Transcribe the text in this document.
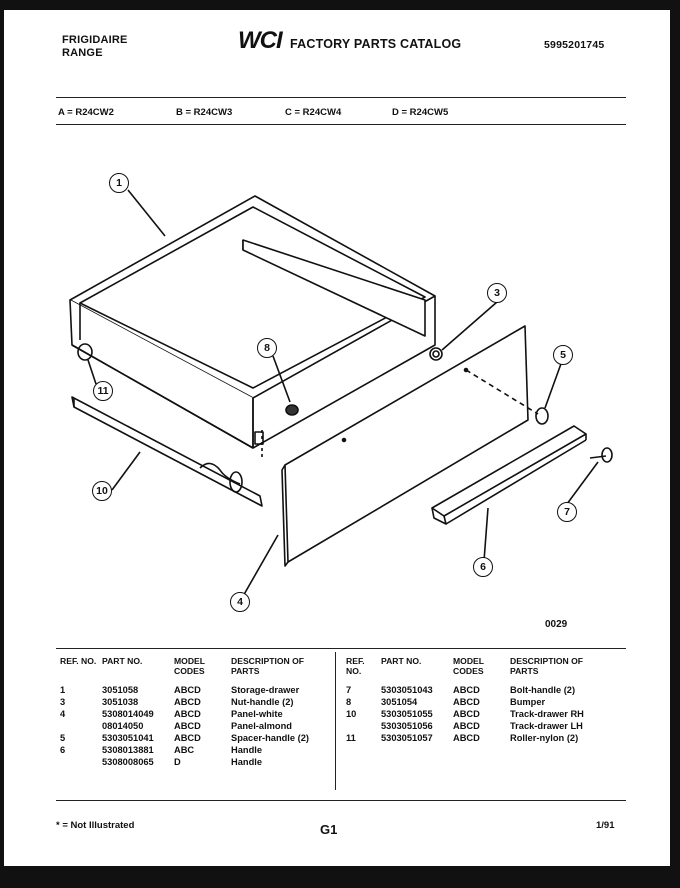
FRIGIDAIRE
RANGE	WCI FACTORY PARTS CATALOG	5995201745
A = R24CW2	B = R24CW3	C = R24CW4	D = R24CW5
1
3
8
5
11
10
7
4
6
0029
REF. NO.	PART NO.	MODEL CODES	DESCRIPTION OF PARTS
1	3051058	ABCD	Storage-drawer
3	3051038	ABCD	Nut-handle (2)
4	5308014049	ABCD	Panel-white
	08014050	ABCD	Panel-almond
5	5303051041	ABCD	Spacer-handle (2)
6	5308013881	ABC	Handle
	5308008065	D	Handle
REF. NO.	PART NO.	MODEL CODES	DESCRIPTION OF PARTS
7	5303051043	ABCD	Bolt-handle (2)
8	3051054	ABCD	Bumper
10	5303051055	ABCD	Track-drawer RH
	5303051056	ABCD	Track-drawer LH
11	5303051057	ABCD	Roller-nylon (2)
* = Not Illustrated	G1	1/91
